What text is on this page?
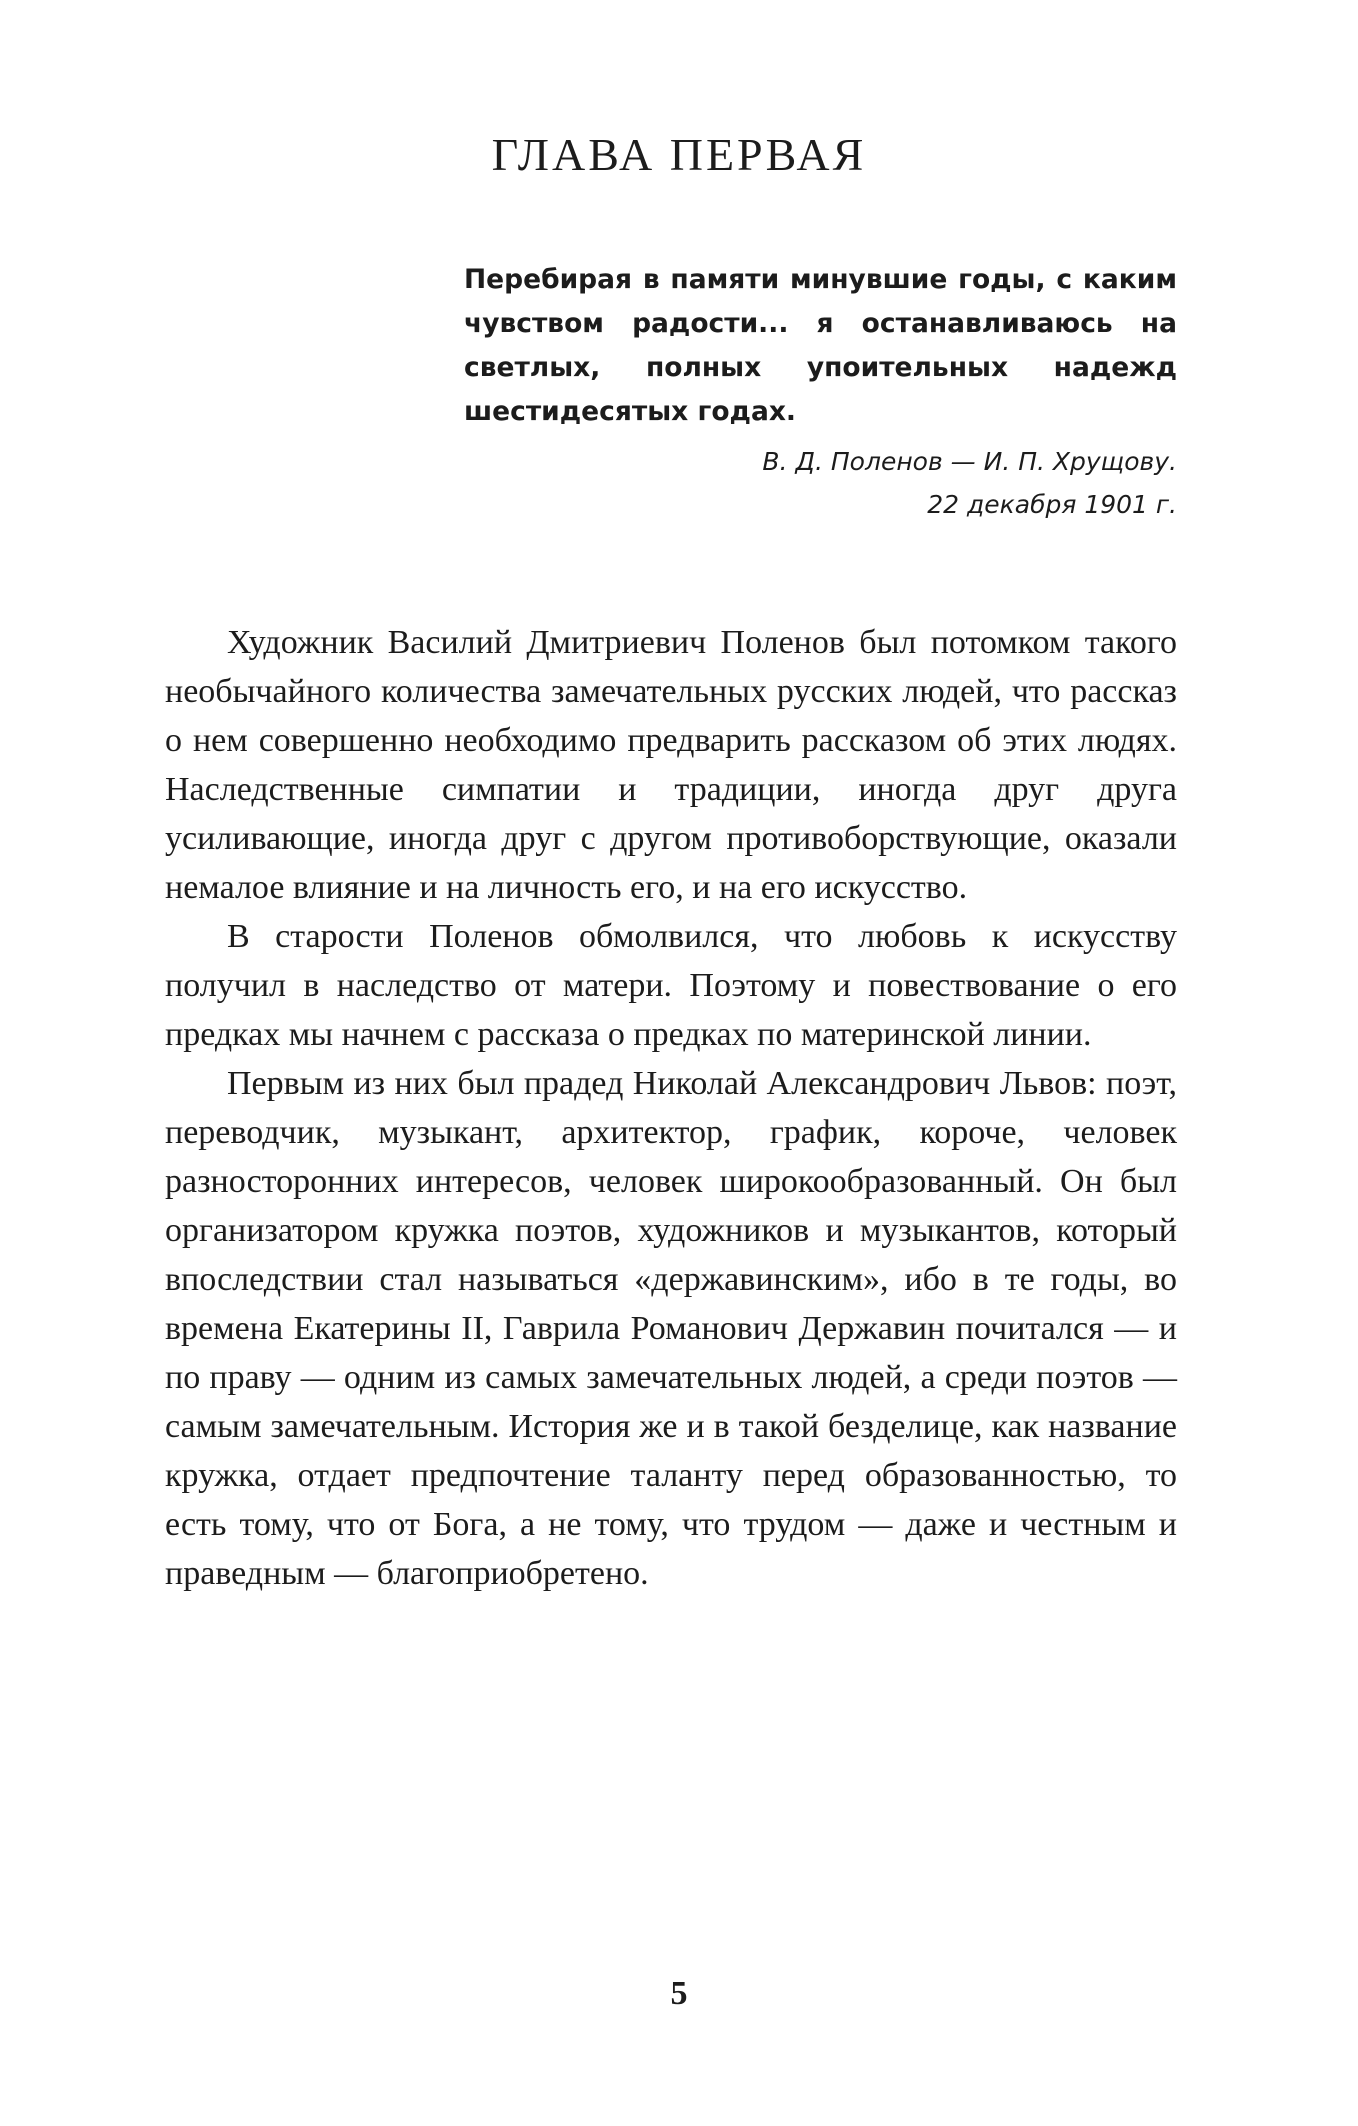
ГЛАВА ПЕРВАЯ

Перебирая в памяти минувшие годы, с каким чувством радости... я останавливаюсь на светлых, полных упоительных надежд шестидесятых годах.

В. Д. Поленов — И. П. Хрущову.
22 декабря 1901 г.

Художник Василий Дмитриевич Поленов был потомком такого необычайного количества замечательных русских людей, что рассказ о нем совершенно необходимо предварить рассказом об этих людях. Наследственные симпатии и традиции, иногда друг друга усиливающие, иногда друг с другом противоборствующие, оказали немалое влияние и на личность его, и на его искусство.

В старости Поленов обмолвился, что любовь к искусству получил в наследство от матери. Поэтому и повествование о его предках мы начнем с рассказа о предках по материнской линии.

Первым из них был прадед Николай Александрович Львов: поэт, переводчик, музыкант, архитектор, график, короче, человек разносторонних интересов, человек широкообразованный. Он был организатором кружка поэтов, художников и музыкантов, который впоследствии стал называться «державинским», ибо в те годы, во времена Екатерины II, Гаврила Романович Державин почитался — и по праву — одним из самых замечательных людей, а среди поэтов — самым замечательным. История же и в такой безделице, как название кружка, отдает предпочтение таланту перед образованностью, то есть тому, что от Бога, а не тому, что трудом — даже и честным и праведным — благоприобретено.

5
